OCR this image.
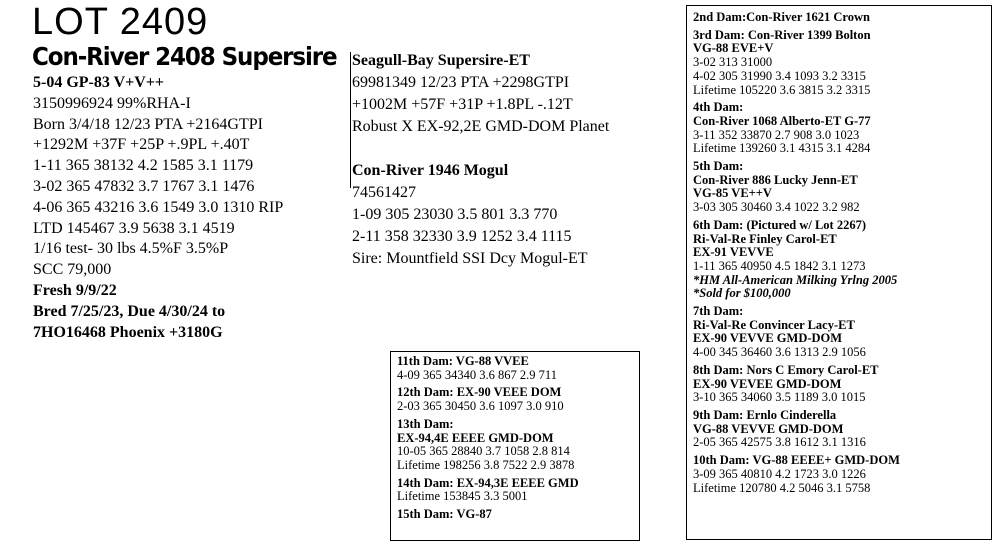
LOT 2409
Con-River 2408 Supersire
5-04 GP-83 V+V++
3150996924 99%RHA-I
Born 3/4/18 12/23 PTA +2164GTPI
+1292M +37F +25P +.9PL +.40T
1-11 365 38132 4.2 1585 3.1 1179
3-02 365 47832 3.7 1767 3.1 1476
4-06 365 43216 3.6 1549 3.0 1310 RIP
LTD 145467 3.9 5638 3.1 4519
1/16 test- 30 lbs 4.5%F 3.5%P
SCC 79,000
Fresh 9/9/22
Bred 7/25/23, Due 4/30/24 to
7HO16468 Phoenix +3180G
Seagull-Bay Supersire-ET
69981349 12/23 PTA +2298GTPI
+1002M +57F +31P +1.8PL -.12T
Robust X EX-92,2E GMD-DOM Planet
Con-River 1946 Mogul
74561427
1-09 305 23030 3.5 801 3.3 770
2-11 358 32330 3.9 1252 3.4 1115
Sire: Mountfield SSI Dcy Mogul-ET
2nd Dam:Con-River 1621 Crown
3rd Dam: Con-River 1399 Bolton
VG-88 EVE+V
3-02 313 31000
4-02 305 31990 3.4 1093 3.2 3315
Lifetime 105220 3.6 3815 3.2 3315
4th Dam:
Con-River 1068 Alberto-ET G-77
3-11 352 33870 2.7 908 3.0 1023
Lifetime 139260 3.1 4315 3.1 4284
5th Dam:
Con-River 886 Lucky Jenn-ET
VG-85 VE++V
3-03 305 30460 3.4 1022 3.2 982
6th Dam: (Pictured w/ Lot 2267)
Ri-Val-Re Finley Carol-ET
EX-91 VEVVE
1-11 365 40950 4.5 1842 3.1 1273
*HM All-American Milking Yrlng 2005
*Sold for $100,000
7th Dam:
Ri-Val-Re Convincer Lacy-ET
EX-90 VEVVE GMD-DOM
4-00 345 36460 3.6 1313 2.9 1056
8th Dam: Nors C Emory Carol-ET
EX-90 VEVEE GMD-DOM
3-10 365 34060 3.5 1189 3.0 1015
9th Dam: Ernlo Cinderella
VG-88 VEVVE GMD-DOM
2-05 365 42575 3.8 1612 3.1 1316
10th Dam: VG-88 EEEE+ GMD-DOM
3-09 365 40810 4.2 1723 3.0 1226
Lifetime 120780 4.2 5046 3.1 5758
11th Dam: VG-88 VVEE
4-09 365 34340 3.6 867 2.9 711
12th Dam: EX-90 VEEE DOM
2-03 365 30450 3.6 1097 3.0 910
13th Dam:
EX-94,4E EEEE GMD-DOM
10-05 365 28840 3.7 1058 2.8 814
Lifetime 198256 3.8 7522 2.9 3878
14th Dam: EX-94,3E EEEE GMD
Lifetime 153845 3.3 5001
15th Dam: VG-87
